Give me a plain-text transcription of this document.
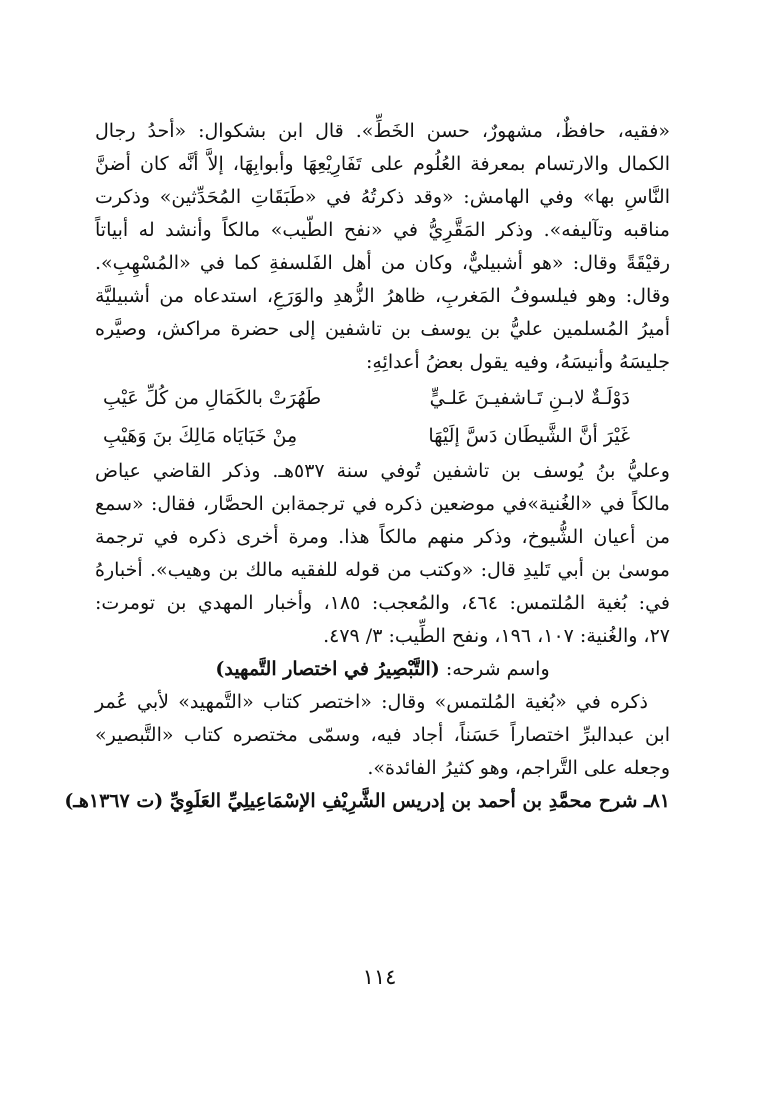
«فقيه، حافظٌ، مشهورٌ، حسن الخَطِّ». قال ابن بشكوال: «أحدُ رجال
الكمال والارتسام بمعرفة العُلُوم على تَفَارِيْعِهَا وأبوابِهَا، إلاَّ أنَّه كان أضنَّ
النَّاسِ بها» وفي الهامش: «وقد ذكرتُهُ في «طَبَقَاتِ المُحَدِّثين» وذكرت
مناقبه وتآليفه». وذكر المَقَّرِيُّ في «نفح الطّيب» مالكاً وأنشد له أبياتاً
رقيْقَةً وقال: «هو أشبيليٌّ، وكان من أهل الفَلسفةِ كما في «المُسْهِبِ».
وقال: وهو فيلسوفُ المَغربِ، ظاهرُ الزُّهدِ والوَرَعِ، استدعاه من أشبيليَّة
أميرُ المُسلمين عليُّ بن يوسف بن تاشفين إلى حضرة مراكش، وصيَّره
جليسَهُ وأنيسَهُ، وفيه يقول بعضُ أعدائِهِ:
دَوْلَـةٌ لابـنِ تَـاشفيـنَ عَلـيٍّ
طَهُرَتْ بالكَمَالِ من كُلِّ عَيْبِ
غَيْرَ أنَّ الشَّيطَان دَسَّ إلَيْهَا
مِنْ خَبَايَاه مَالِكَ بنَ وَهَيْبِ
وعليُّ بنُ يُوسف بن تاشفين تُوفي سنة ٥٣٧هـ. وذكر القاضي عياض
مالكاً في «الغُنية»في موضعين ذكره في ترجمةابن الحصَّار، فقال: «سمع
من أعيان الشُّيوخ، وذكر منهم مالكاً هذا. ومرة أخرى ذكره في ترجمة
موسىٰ بن أبي تَليدِ قال: «وكتب من قوله للفقيه مالك بن وهيب». أخبارهُ
في: بُغية المُلتمس: ٤٦٤، والمُعجب: ١٨٥، وأخبار المهدي بن تومرت:
٢٧، والغُنية: ١٠٧، ١٩٦، ونفح الطِّيب: ٣/ ٤٧٩.
واسم شرحه: (التَّبْصِيرُ في اختصار التَّمهيد)
ذكره في «بُغية المُلتمس» وقال: «اختصر كتاب «التَّمهيد» لأبي عُمر
ابن عبدالبرِّ اختصاراً حَسَناً، أجاد فيه، وسمّى مختصره كتاب «التَّبصير»
وجعله على التَّراجم، وهو كثيرُ الفائدة».
٨١ـ شرح محمَّدِ بن أحمد بن إدريس الشَّرِيْفِ الإسْمَاعِيلِيِّ العَلَوِيِّ (ت ١٣٦٧هـ)
١١٤
